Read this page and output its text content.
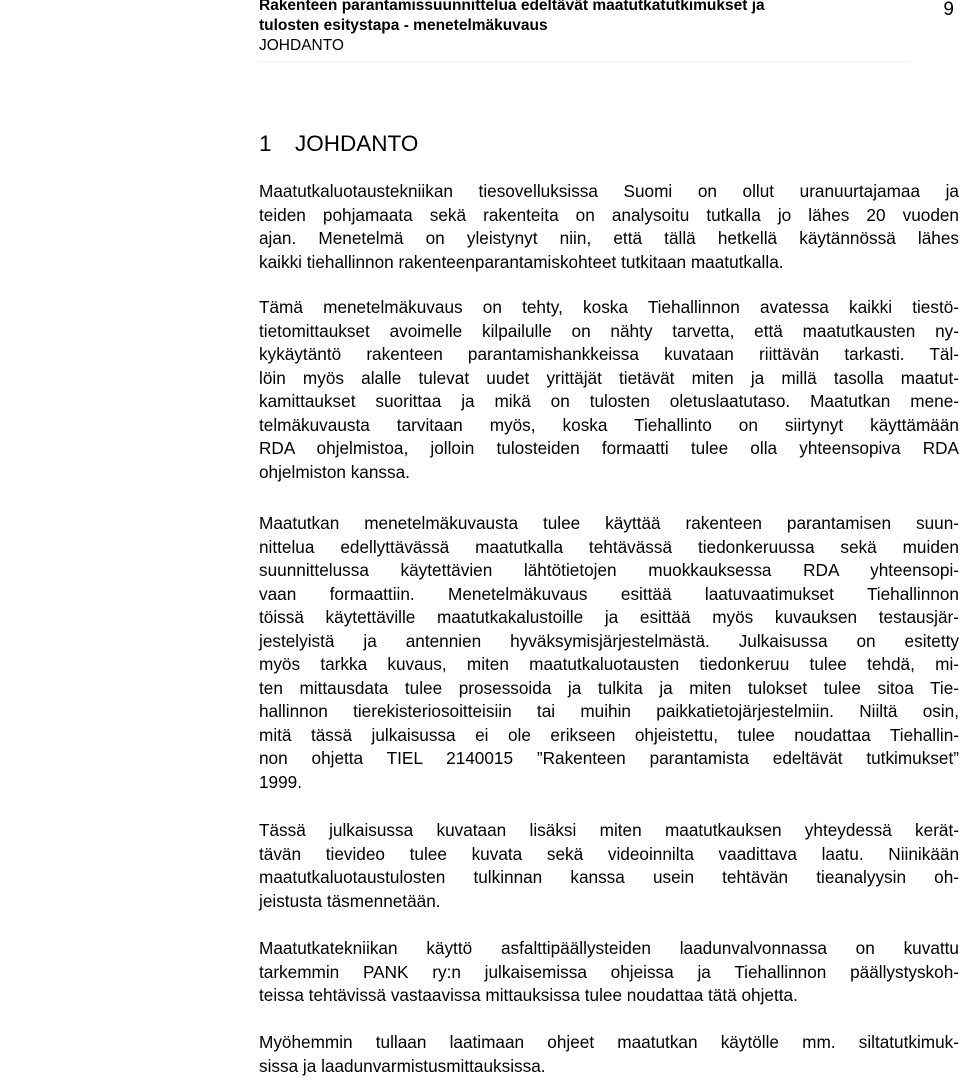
Rakenteen parantamissuunnittelua edeltävät maatutkatutkimukset ja
tulosten esitystapa - menetelmäkuvaus
JOHDANTO
9
1 JOHDANTO
Maatutkaluotaustekniikan tiesovelluksissa Suomi on ollut uranuurtajamaa ja
teiden pohjamaata sekä rakenteita on analysoitu tutkalla jo lähes 20 vuoden
ajan. Menetelmä on yleistynyt niin, että tällä hetkellä käytännössä lähes
kaikki tiehallinnon rakenteenparantamiskohteet tutkitaan maatutkalla.
Tämä menetelmäkuvaus on tehty, koska Tiehallinnon avatessa kaikki tiestö-
tietomittaukset avoimelle kilpailulle on nähty tarvetta, että maatutkausten ny-
kykäytäntö rakenteen parantamishankkeissa kuvataan riittävän tarkasti. Täl-
löin myös alalle tulevat uudet yrittäjät tietävät miten ja millä tasolla maatut-
kamittaukset suorittaa ja mikä on tulosten oletuslaatutaso. Maatutkan mene-
telmäkuvausta tarvitaan myös, koska Tiehallinto on siirtynyt käyttämään
RDA ohjelmistoa, jolloin tulosteiden formaatti tulee olla yhteensopiva RDA
ohjelmiston kanssa.
Maatutkan menetelmäkuvausta tulee käyttää rakenteen parantamisen suun-
nittelua edellyttävässä maatutkalla tehtävässä tiedonkeruussa sekä muiden
suunnittelussa käytettävien lähtötietojen muokkauksessa RDA yhteensopi-
vaan formaattiin. Menetelmäkuvaus esittää laatuvaatimukset Tiehallinnon
töissä käytettäville maatutkakalustoille ja esittää myös kuvauksen testausjär-
jestelyistä ja antennien hyväksymisjärjestelmästä. Julkaisussa on esitetty
myös tarkka kuvaus, miten maatutkaluotausten tiedonkeruu tulee tehdä, mi-
ten mittausdata tulee prosessoida ja tulkita ja miten tulokset tulee sitoa Tie-
hallinnon tierekisteriosoitteisiin tai muihin paikkatietojärjestelmiin. Niiltä osin,
mitä tässä julkaisussa ei ole erikseen ohjeistettu, tulee noudattaa Tiehallin-
non ohjetta TIEL 2140015 ”Rakenteen parantamista edeltävät tutkimukset”
1999.
Tässä julkaisussa kuvataan lisäksi miten maatutkauksen yhteydessä kerät-
tävän tievideo tulee kuvata sekä videoinnilta vaadittava laatu. Niinikään
maatutkaluotaustulosten tulkinnan kanssa usein tehtävän tieanalyysin oh-
jeistusta täsmennetään.
Maatutkatekniikan käyttö asfalttipäällysteiden laadunvalvonnassa on kuvattu
tarkemmin PANK ry:n julkaisemissa ohjeissa ja Tiehallinnon päällystyskoh-
teissa tehtävissä vastaavissa mittauksissa tulee noudattaa tätä ohjetta.
Myöhemmin tullaan laatimaan ohjeet maatutkan käytölle mm. siltatutkimuk-
sissa ja laadunvarmistusmittauksissa.
